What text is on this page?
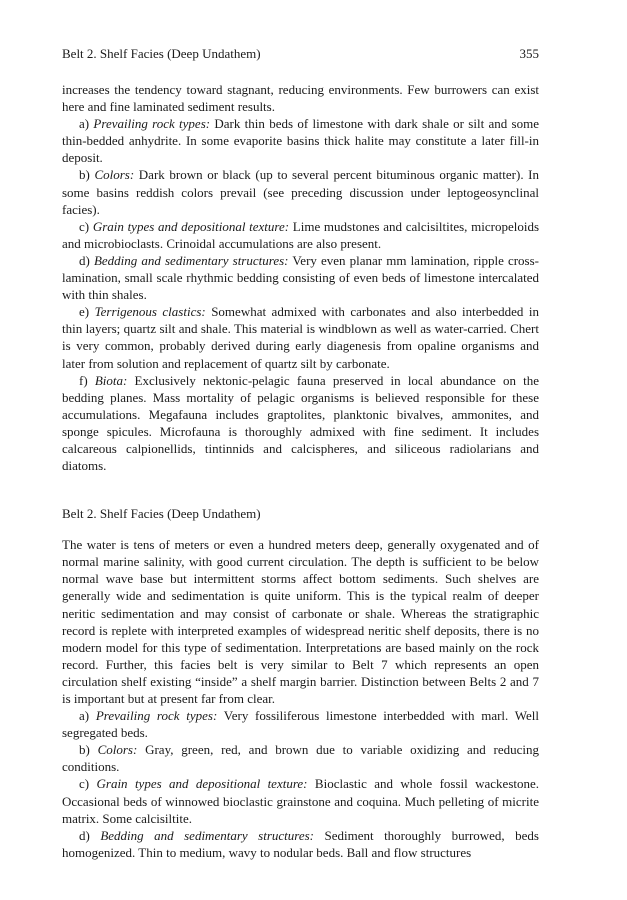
Belt 2. Shelf Facies (Deep Undathem)	355

increases the tendency toward stagnant, reducing environments. Few burrowers can exist here and fine laminated sediment results.

a) Prevailing rock types: Dark thin beds of limestone with dark shale or silt and some thin-bedded anhydrite. In some evaporite basins thick halite may constitute a later fill-in deposit.

b) Colors: Dark brown or black (up to several percent bituminous organic matter). In some basins reddish colors prevail (see preceding discussion under leptogeosynclinal facies).

c) Grain types and depositional texture: Lime mudstones and calcisiltites, micropeloids and microbioclasts. Crinoidal accumulations are also present.

d) Bedding and sedimentary structures: Very even planar mm lamination, ripple cross-lamination, small scale rhythmic bedding consisting of even beds of limestone intercalated with thin shales.

e) Terrigenous clastics: Somewhat admixed with carbonates and also interbedded in thin layers; quartz silt and shale. This material is windblown as well as water-carried. Chert is very common, probably derived during early diagenesis from opaline organisms and later from solution and replacement of quartz silt by carbonate.

f) Biota: Exclusively nektonic-pelagic fauna preserved in local abundance on the bedding planes. Mass mortality of pelagic organisms is believed responsible for these accumulations. Megafauna includes graptolites, planktonic bivalves, ammonites, and sponge spicules. Microfauna is thoroughly admixed with fine sediment. It includes calcareous calpionellids, tintinnids and calcispheres, and siliceous radiolarians and diatoms.

Belt 2. Shelf Facies (Deep Undathem)

The water is tens of meters or even a hundred meters deep, generally oxygenated and of normal marine salinity, with good current circulation. The depth is sufficient to be below normal wave base but intermittent storms affect bottom sediments. Such shelves are generally wide and sedimentation is quite uniform. This is the typical realm of deeper neritic sedimentation and may consist of carbonate or shale. Whereas the stratigraphic record is replete with interpreted examples of widespread neritic shelf deposits, there is no modern model for this type of sedimentation. Interpretations are based mainly on the rock record. Further, this facies belt is very similar to Belt 7 which represents an open circulation shelf existing “inside” a shelf margin barrier. Distinction between Belts 2 and 7 is important but at present far from clear.

a) Prevailing rock types: Very fossiliferous limestone interbedded with marl. Well segregated beds.

b) Colors: Gray, green, red, and brown due to variable oxidizing and reducing conditions.

c) Grain types and depositional texture: Bioclastic and whole fossil wackestone. Occasional beds of winnowed bioclastic grainstone and coquina. Much pelleting of micrite matrix. Some calcisiltite.

d) Bedding and sedimentary structures: Sediment thoroughly burrowed, beds homogenized. Thin to medium, wavy to nodular beds. Ball and flow structures
